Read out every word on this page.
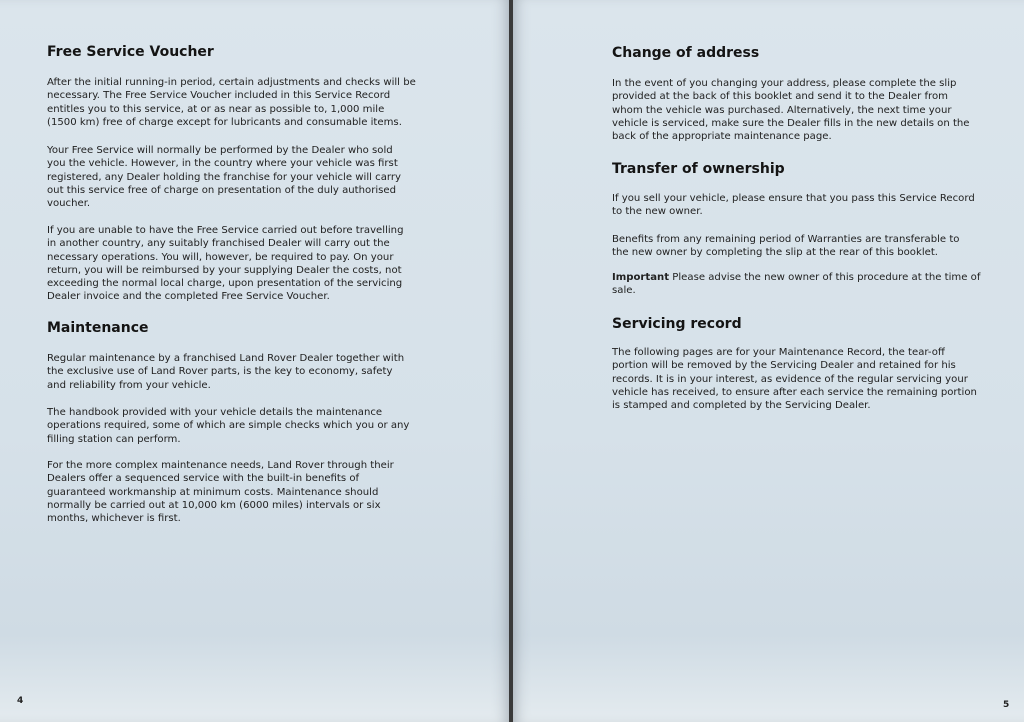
Free Service Voucher

After the initial running-in period, certain adjustments and checks will be necessary. The Free Service Voucher included in this Service Record entitles you to this service, at or as near as possible to, 1,000 mile (1500 km) free of charge except for lubricants and consumable items.

Your Free Service will normally be performed by the Dealer who sold you the vehicle. However, in the country where your vehicle was first registered, any Dealer holding the franchise for your vehicle will carry out this service free of charge on presentation of the duly authorised voucher.

If you are unable to have the Free Service carried out before travelling in another country, any suitably franchised Dealer will carry out the necessary operations. You will, however, be required to pay. On your return, you will be reimbursed by your supplying Dealer the costs, not exceeding the normal local charge, upon presentation of the servicing Dealer invoice and the completed Free Service Voucher.

Maintenance

Regular maintenance by a franchised Land Rover Dealer together with the exclusive use of Land Rover parts, is the key to economy, safety and reliability from your vehicle.

The handbook provided with your vehicle details the maintenance operations required, some of which are simple checks which you or any filling station can perform.

For the more complex maintenance needs, Land Rover through their Dealers offer a sequenced service with the built-in benefits of guaranteed workmanship at minimum costs. Maintenance should normally be carried out at 10,000 km (6000 miles) intervals or six months, whichever is first.

4
Change of address

In the event of you changing your address, please complete the slip provided at the back of this booklet and send it to the Dealer from whom the vehicle was purchased. Alternatively, the next time your vehicle is serviced, make sure the Dealer fills in the new details on the back of the appropriate maintenance page.

Transfer of ownership

If you sell your vehicle, please ensure that you pass this Service Record to the new owner.

Benefits from any remaining period of Warranties are transferable to the new owner by completing the slip at the rear of this booklet.

Important Please advise the new owner of this procedure at the time of sale.

Servicing record

The following pages are for your Maintenance Record, the tear-off portion will be removed by the Servicing Dealer and retained for his records. It is in your interest, as evidence of the regular servicing your vehicle has received, to ensure after each service the remaining portion is stamped and completed by the Servicing Dealer.

5
